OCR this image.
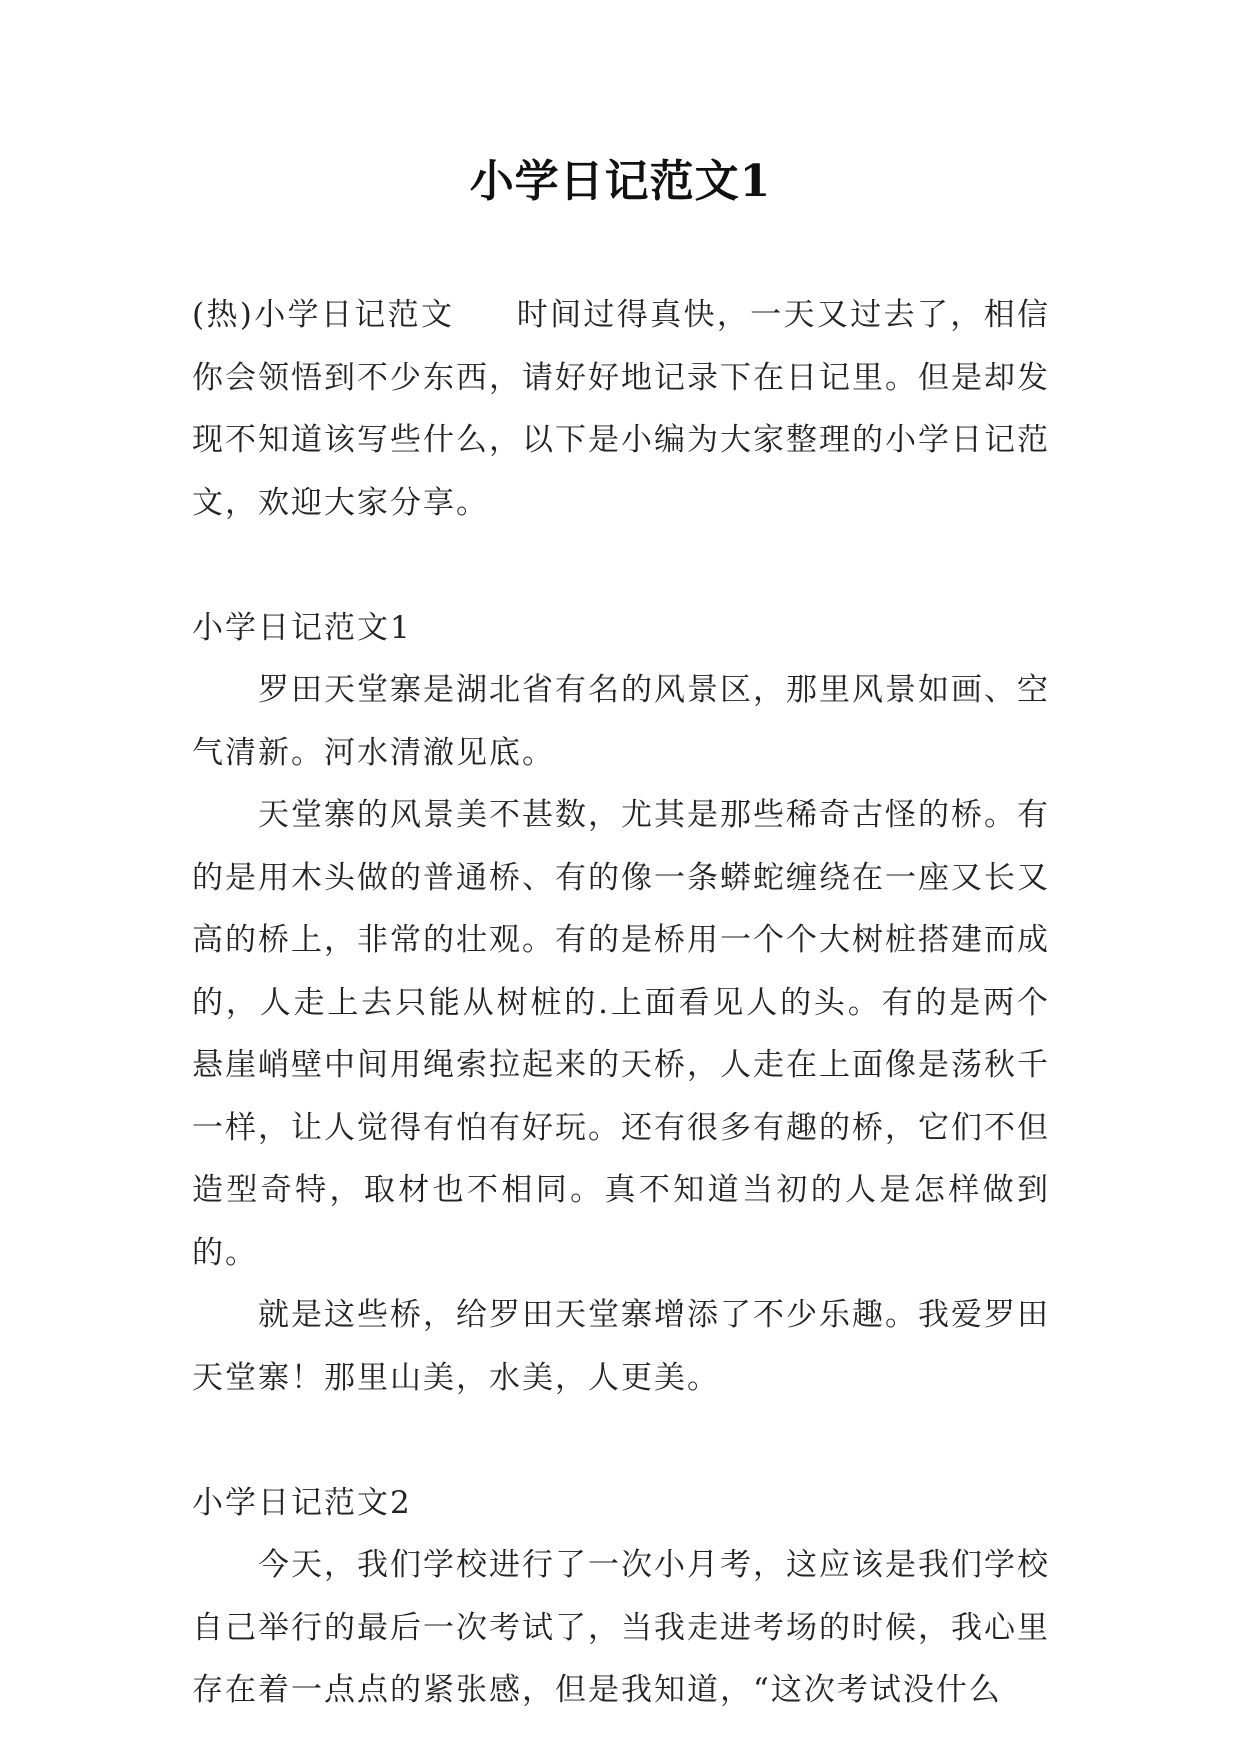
小学日记范文1

(热)小学日记范文 时间过得真快，一天又过去了，相信你会领悟到不少东西，请好好地记录下在日记里。但是却发现不知道该写些什么，以下是小编为大家整理的小学日记范文，欢迎大家分享。

小学日记范文1

罗田天堂寨是湖北省有名的风景区，那里风景如画、空气清新。河水清澈见底。

天堂寨的风景美不甚数，尤其是那些稀奇古怪的桥。有的是用木头做的普通桥、有的像一条蟒蛇缠绕在一座又长又高的桥上，非常的壮观。有的是桥用一个个大树桩搭建而成的，人走上去只能从树桩的.上面看见人的头。有的是两个悬崖峭壁中间用绳索拉起来的天桥，人走在上面像是荡秋千一样，让人觉得有怕有好玩。还有很多有趣的桥，它们不但造型奇特，取材也不相同。真不知道当初的人是怎样做到的。

就是这些桥，给罗田天堂寨增添了不少乐趣。我爱罗田天堂寨！那里山美，水美，人更美。

小学日记范文2

今天，我们学校进行了一次小月考，这应该是我们学校自己举行的最后一次考试了，当我走进考场的时候，我心里存在着一点点的紧张感，但是我知道，“这次考试没什么
